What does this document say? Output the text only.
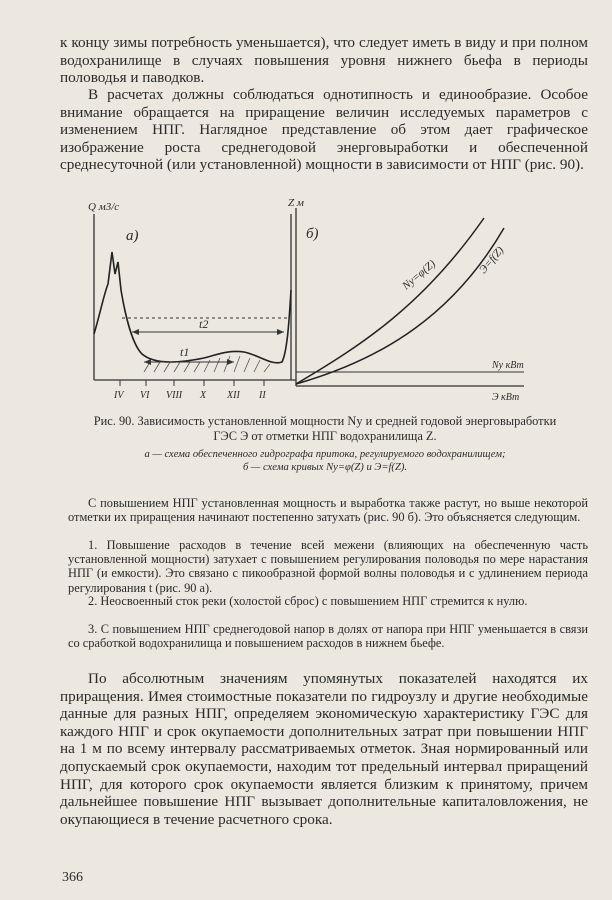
к концу зимы потребность уменьшается), что следует иметь в виду и при полном водохранилище в случаях повышения уровня нижнего бьефа в периоды половодья и паводков.

В расчетах должны соблюдаться однотипность и единообразие. Особое внимание обращается на приращение величин исследуемых параметров с изменением НПГ. Наглядное представление об этом дает графическое изображение роста среднегодовой энерговыработки и обеспеченной среднесуточной (или установленной) мощности в зависимости от НПГ (рис. 90).

Q м3/с
а)
t2
t1
IV VI VIII X XII II
Z м
б)
Nу=φ(Z)	Э=f(Z)
Nу кВт
Э кВт

Рис. 90. Зависимость установленной мощности Nу и средней годовой энерговыработки ГЭС Э от отметки НПГ водохранилища Z.

а — схема обеспеченного гидрографа притока, регулируемого водохранилищем;

б — схема кривых Nу=φ(Z) и Э=f(Z).

С повышением НПГ установленная мощность и выработка также растут, но выше некоторой отметки их приращения начинают постепенно затухать (рис. 90 б). Это объясняется следующим.

1. Повышение расходов в течение всей межени (влияющих на обеспеченную часть установленной мощности) затухает с повышением регулирования половодья по мере нарастания НПГ (и емкости). Это связано с пикообразной формой волны половодья и с удлинением периода регулирования t (рис. 90 а).

2. Неосвоенный сток реки (холостой сброс) с повышением НПГ стремится к нулю.

3. С повышением НПГ среднегодовой напор в долях от напора при НПГ уменьшается в связи со сработкой водохранилища и повышением расходов в нижнем бьефе.

По абсолютным значениям упомянутых показателей находятся их приращения. Имея стоимостные показатели по гидроузлу и другие необходимые данные для разных НПГ, определяем экономическую характеристику ГЭС для каждого НПГ и срок окупаемости дополнительных затрат при повышении НПГ на 1 м по всему интервалу рассматриваемых отметок. Зная нормированный или допускаемый срок окупаемости, находим тот предельный интервал приращений НПГ, для которого срок окупаемости является близким к принятому, причем дальнейшее повышение НПГ вызывает дополнительные капиталовложения, не окупающиеся в течение расчетного срока.

366
